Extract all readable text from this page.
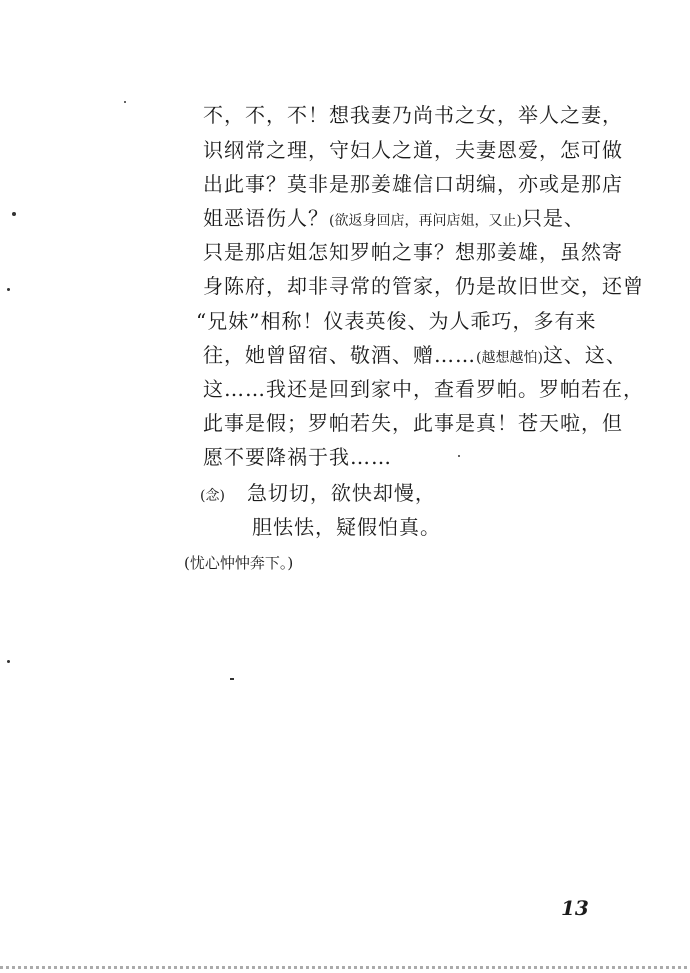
不，不，不！想我妻乃尚书之女，举人之妻，
识纲常之理，守妇人之道，夫妻恩爱，怎可做
出此事？莫非是那姜雄信口胡编，亦或是那店
姐恶语伤人？(欲返身回店，再问店姐，又止)只是、
只是那店姐怎知罗帕之事？想那姜雄，虽然寄
身陈府，却非寻常的管家，仍是故旧世交，还曾
“兄妹”相称！仪表英俊、为人乖巧，多有来
往，她曾留宿、敬酒、赠……(越想越怕)这、这、
这……我还是回到家中，查看罗帕。罗帕若在，
此事是假；罗帕若失，此事是真！苍天啦，但
愿不要降祸于我……
(念) 急切切，欲快却慢，
胆怯怯，疑假怕真。
(忧心忡忡奔下。)
13
